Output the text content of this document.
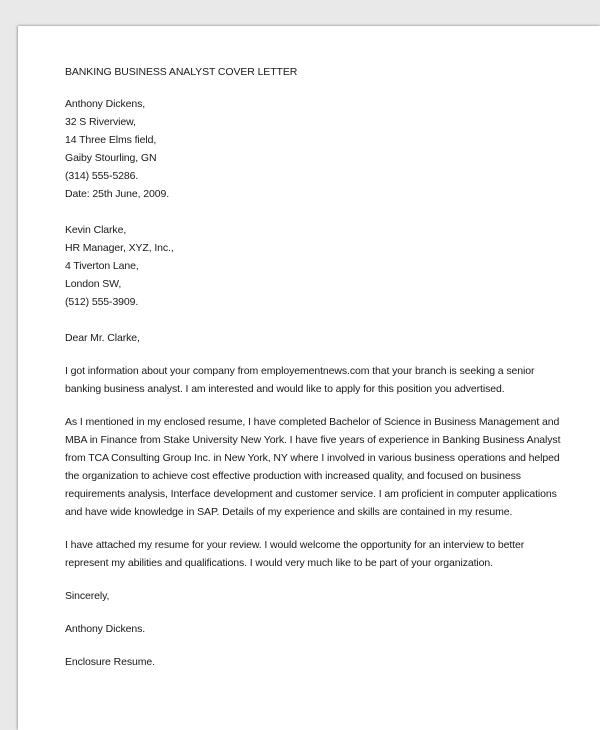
BANKING BUSINESS ANALYST COVER LETTER
Anthony Dickens,
32 S Riverview,
14 Three Elms field,
Gaiby Stourling, GN
(314) 555-5286.
Date: 25th June, 2009.
Kevin Clarke,
HR Manager, XYZ, Inc.,
4 Tiverton Lane,
London SW,
(512) 555-3909.
Dear Mr. Clarke,
I got information about your company from employementnews.com that your branch is seeking a senior
banking business analyst. I am interested and would like to apply for this position you advertised.
As I mentioned in my enclosed resume, I have completed Bachelor of Science in Business Management and
MBA in Finance from Stake University New York. I have five years of experience in Banking Business Analyst
from TCA Consulting Group Inc. in New York, NY where I involved in various business operations and helped
the organization to achieve cost effective production with increased quality, and focused on business
requirements analysis, Interface development and customer service. I am proficient in computer applications
and have wide knowledge in SAP. Details of my experience and skills are contained in my resume.
I have attached my resume for your review. I would welcome the opportunity for an interview to better
represent my abilities and qualifications. I would very much like to be part of your organization.
Sincerely,
Anthony Dickens.
Enclosure Resume.
